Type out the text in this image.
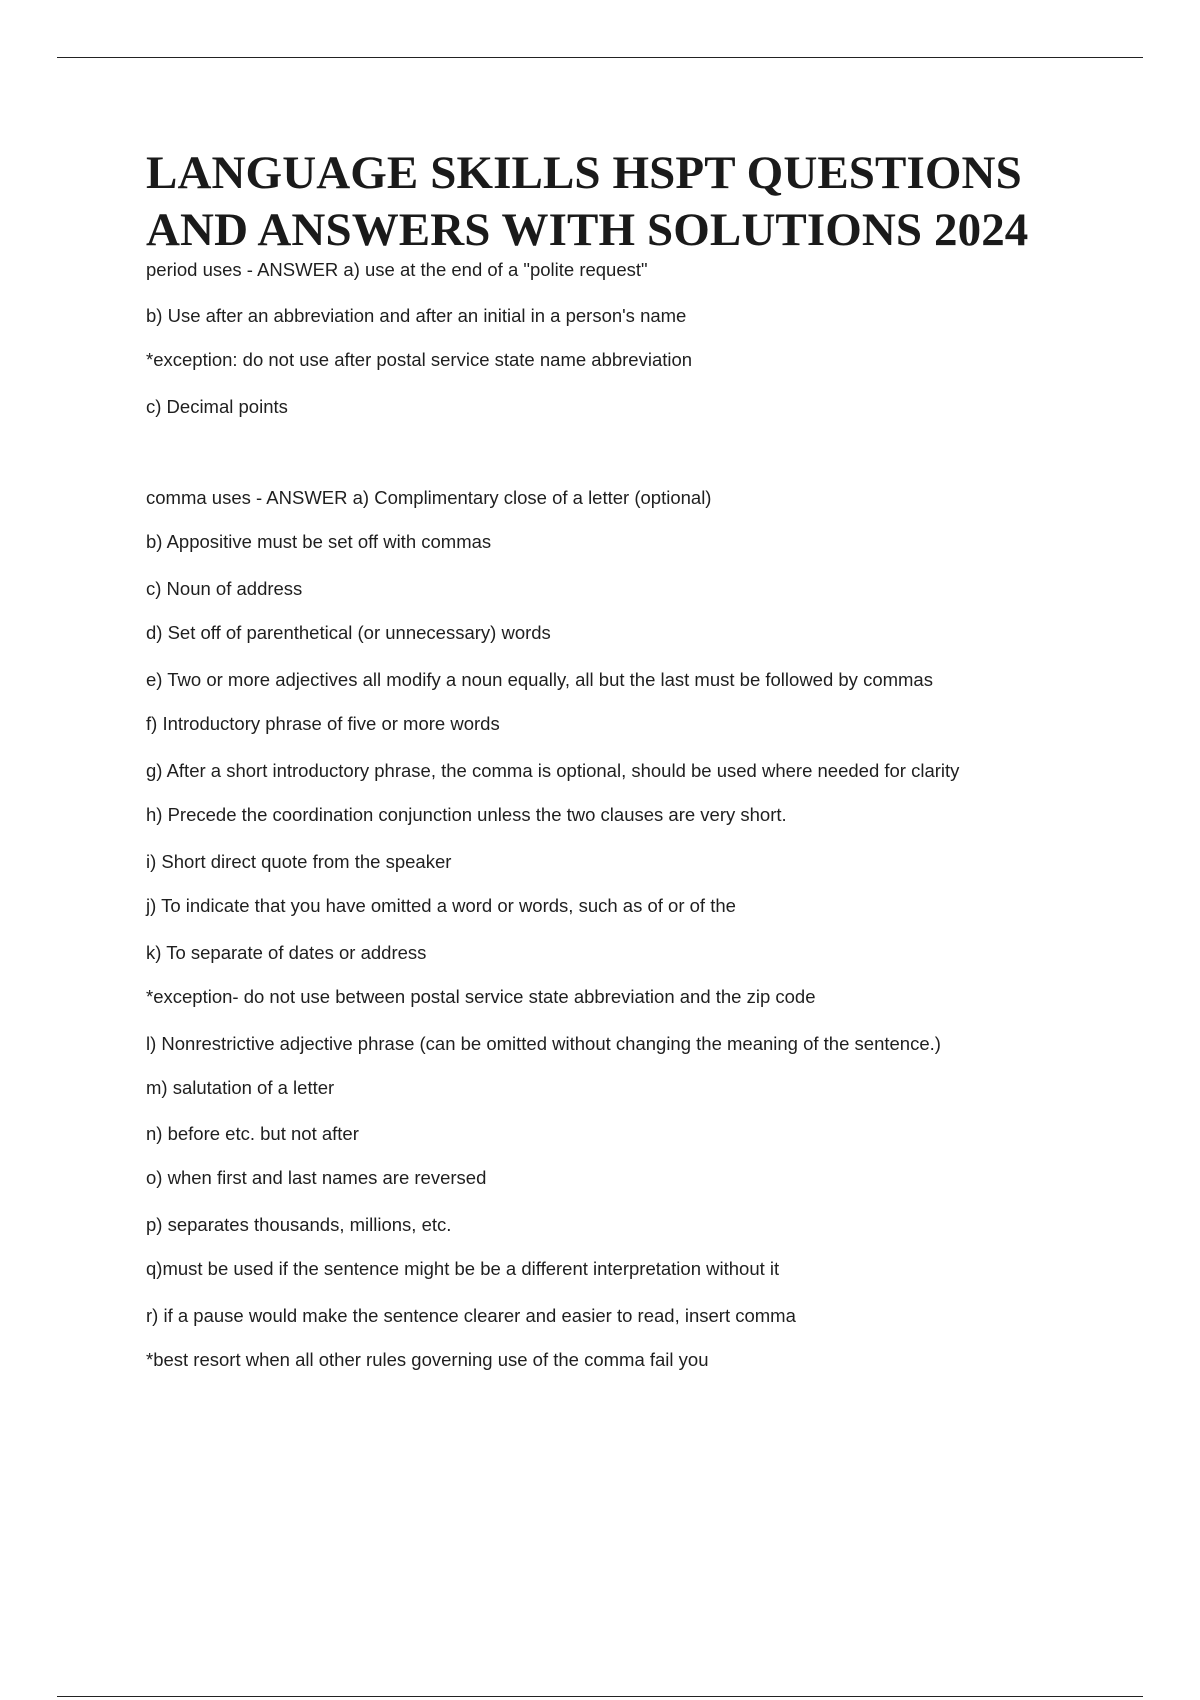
LANGUAGE SKILLS HSPT QUESTIONS
AND ANSWERS WITH SOLUTIONS 2024

period uses - ANSWER a) use at the end of a "polite request"

b) Use after an abbreviation and after an initial in a person's name

*exception: do not use after postal service state name abbreviation

c) Decimal points

comma uses - ANSWER a) Complimentary close of a letter (optional)

b) Appositive must be set off with commas

c) Noun of address

d) Set off of parenthetical (or unnecessary) words

e) Two or more adjectives all modify a noun equally, all but the last must be followed by commas

f) Introductory phrase of five or more words

g) After a short introductory phrase, the comma is optional, should be used where needed for clarity

h) Precede the coordination conjunction unless the two clauses are very short.

i) Short direct quote from the speaker

j) To indicate that you have omitted a word or words, such as of or of the

k) To separate of dates or address

*exception- do not use between postal service state abbreviation and the zip code

l) Nonrestrictive adjective phrase (can be omitted without changing the meaning of the sentence.)

m) salutation of a letter

n) before etc. but not after

o) when first and last names are reversed

p) separates thousands, millions, etc.

q)must be used if the sentence might be be a different interpretation without it

r) if a pause would make the sentence clearer and easier to read, insert comma

*best resort when all other rules governing use of the comma fail you
